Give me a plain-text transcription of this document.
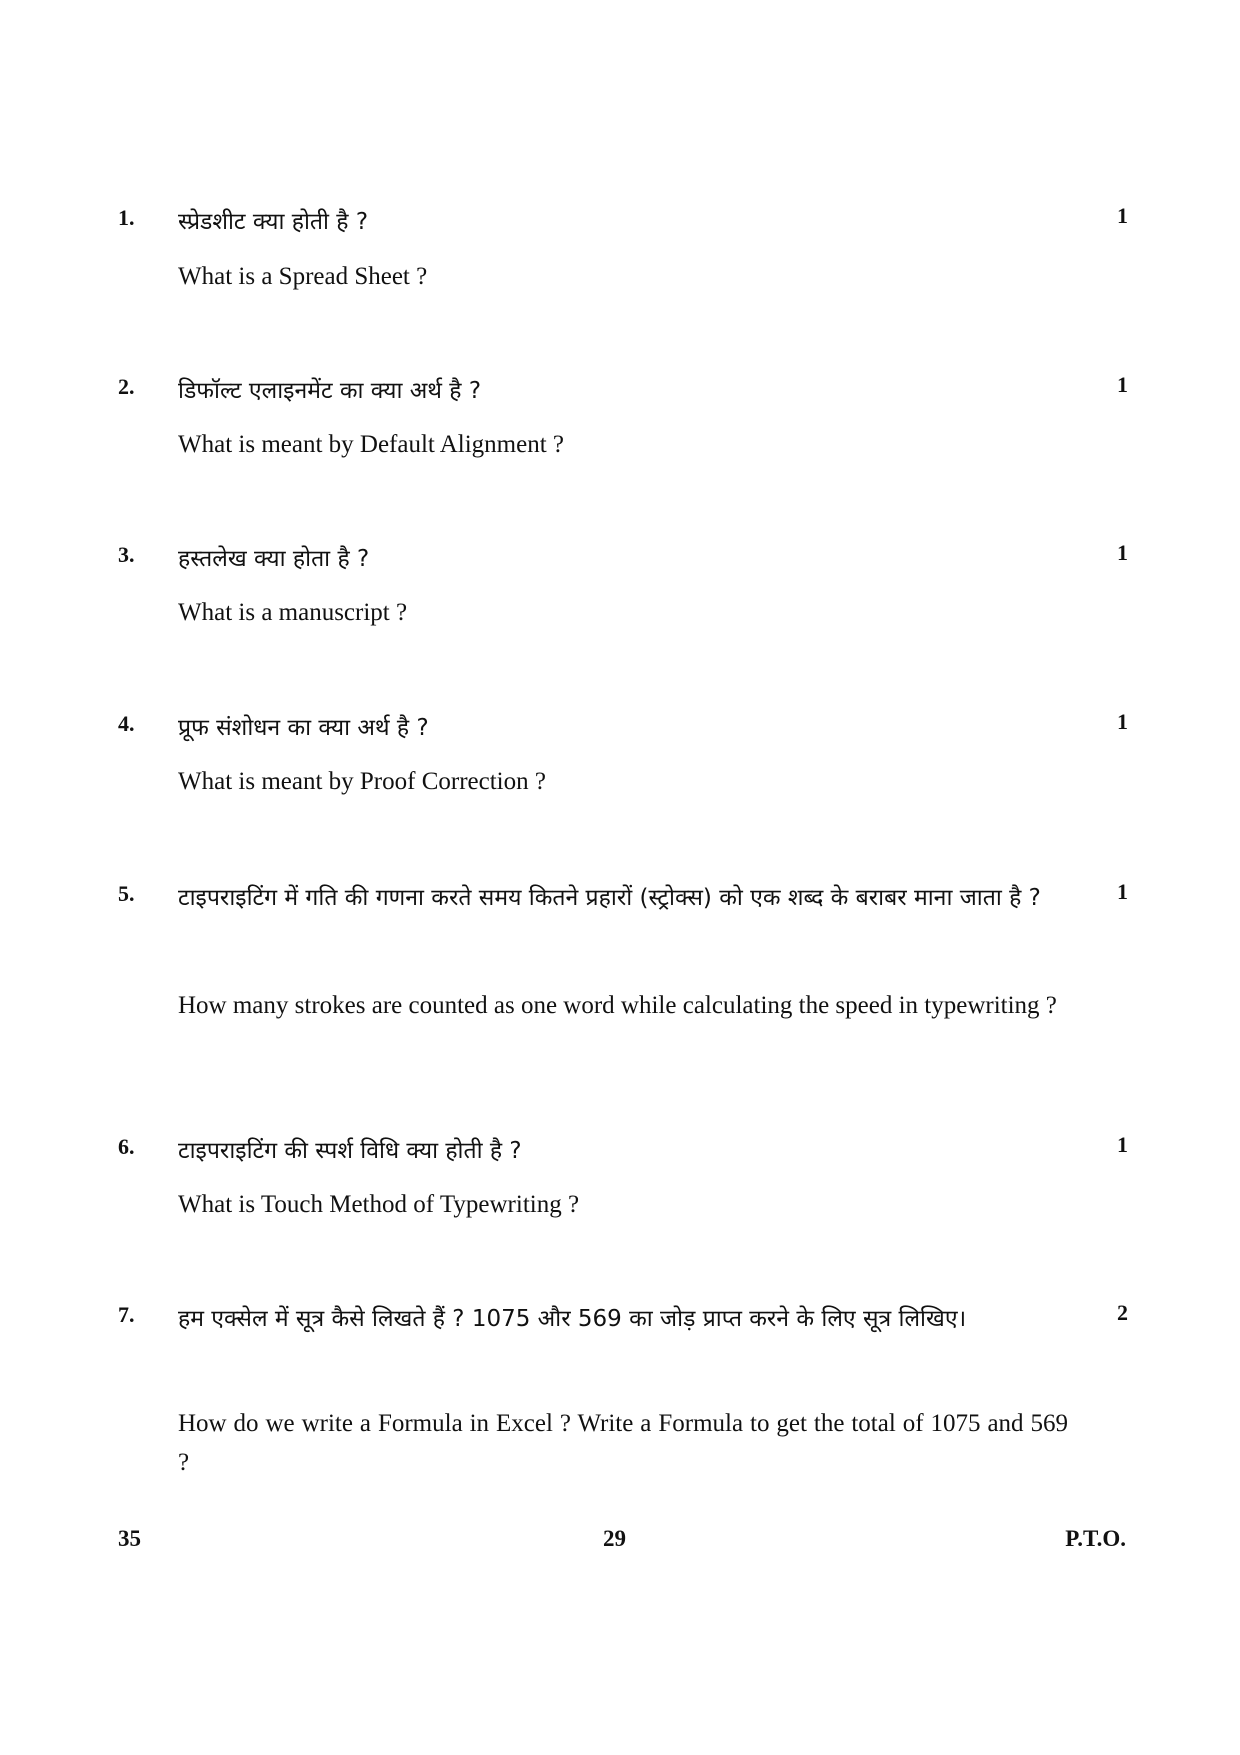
1. स्प्रेडशीट क्या होती है ?	1
What is a Spread Sheet ?
2. डिफॉल्ट एलाइनमेंट का क्या अर्थ है ?	1
What is meant by Default Alignment ?
3. हस्तलेख क्या होता है ?	1
What is a manuscript ?
4. प्रूफ संशोधन का क्या अर्थ है ?	1
What is meant by Proof Correction ?
5. टाइपराइटिंग में गति की गणना करते समय कितने प्रहारों (स्ट्रोक्स) को एक शब्द के बराबर माना जाता है ?	1
How many strokes are counted as one word while calculating the speed in typewriting ?
6. टाइपराइटिंग की स्पर्श विधि क्या होती है ?	1
What is Touch Method of Typewriting ?
7. हम एक्सेल में सूत्र कैसे लिखते हैं ? 1075 और 569 का जोड़ प्राप्त करने के लिए सूत्र लिखिए।	2
How do we write a Formula in Excel ? Write a Formula to get the total of 1075 and 569 ?
35	29	P.T.O.
